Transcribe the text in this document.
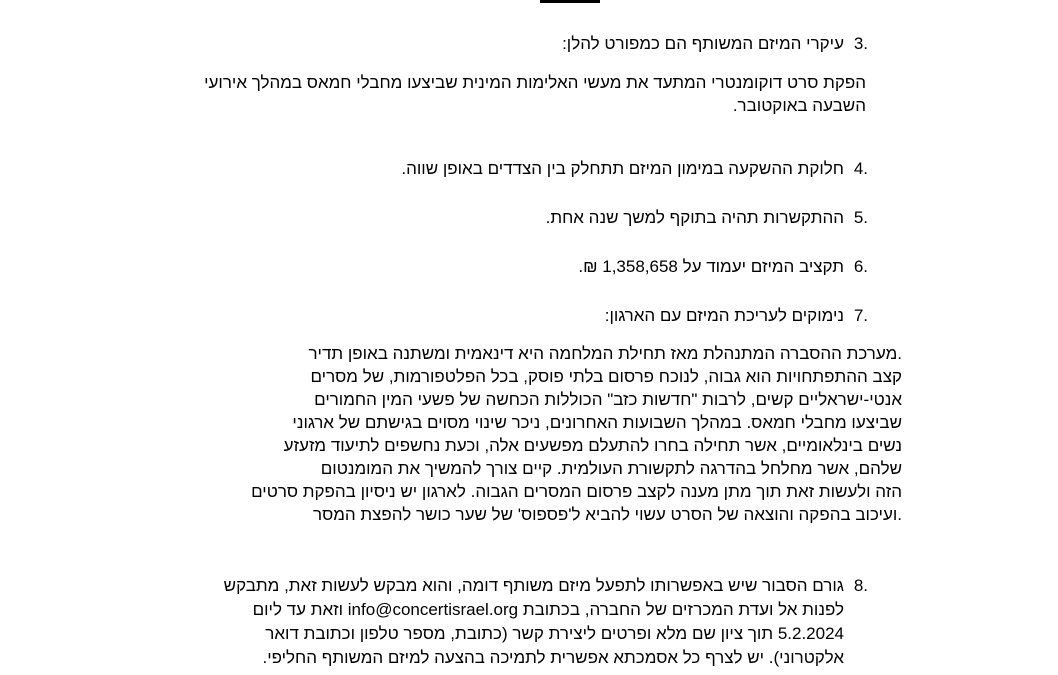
3.
עיקרי המיזם המשותף הם כמפורט להלן:
הפקת סרט דוקומנטרי המתעד את מעשי האלימות המינית שביצעו מחבלי חמאס במהלך אירועי
השבעה באוקטובר.
4.
חלוקת ההשקעה במימון המיזם תתחלק בין הצדדים באופן שווה.
5.
ההתקשרות תהיה בתוקף למשך שנה אחת.
6.
תקציב המיזם יעמוד על 1,358,658 ₪.
7.
נימוקים לעריכת המיזם עם הארגון:
.מערכת ההסברה המתנהלת מאז תחילת המלחמה היא דינאמית ומשתנה באופן תדיר
קצב ההתפתחויות הוא גבוה, לנוכח פרסום בלתי פוסק, בכל הפלטפורמות, של מסרים
אנטי-ישראליים קשים, לרבות "חדשות כזב" הכוללות הכחשה של פשעי המין החמורים
שביצעו מחבלי חמאס. במהלך השבועות האחרונים, ניכר שינוי מסוים בגישתם של ארגוני
נשים בינלאומיים, אשר תחילה בחרו להתעלם מפשעים אלה, וכעת נחשפים לתיעוד מזעזע
שלהם, אשר מחלחל בהדרגה לתקשורת העולמית. קיים צורך להמשיך את המומנטום
הזה ולעשות זאת תוך מתן מענה לקצב פרסום המסרים הגבוה. לארגון יש ניסיון בהפקת סרטים
.ועיכוב בהפקה והוצאה של הסרט עשוי להביא ל'פספוס' של שער כושר להפצת המסר
8.
גורם הסבור שיש באפשרותו לתפעל מיזם משותף דומה, והוא מבקש לעשות זאת, מתבקש
לפנות אל ועדת המכרזים של החברה, בכתובת info@concertisrael.org וזאת עד ליום
5.2.2024 תוך ציון שם מלא ופרטים ליצירת קשר (כתובת, מספר טלפון וכתובת דואר
אלקטרוני). יש לצרף כל אסמכתא אפשרית לתמיכה בהצעה למיזם המשותף החליפי.
